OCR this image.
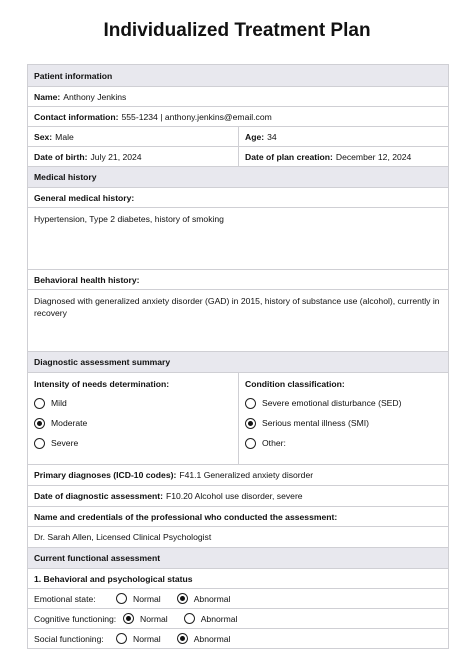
Individualized Treatment Plan
Patient information
Name: Anthony Jenkins
Contact information: 555-1234 | anthony.jenkins@email.com
Sex: Male	Age: 34
Date of birth: July 21, 2024	Date of plan creation: December 12, 2024
Medical history
General medical history:
Hypertension, Type 2 diabetes, history of smoking
Behavioral health history:
Diagnosed with generalized anxiety disorder (GAD) in 2015, history of substance use (alcohol), currently in recovery
Diagnostic assessment summary
Intensity of needs determination:
Mild
Moderate
Severe
Condition classification:
Severe emotional disturbance (SED)
Serious mental illness (SMI)
Other:
Primary diagnoses (ICD-10 codes): F41.1 Generalized anxiety disorder
Date of diagnostic assessment: F10.20 Alcohol use disorder, severe
Name and credentials of the professional who conducted the assessment:
Dr. Sarah Allen, Licensed Clinical Psychologist
Current functional assessment
1. Behavioral and psychological status
Emotional state:	Normal	Abnormal
Cognitive functioning:	Normal	Abnormal
Social functioning:	Normal	Abnormal
